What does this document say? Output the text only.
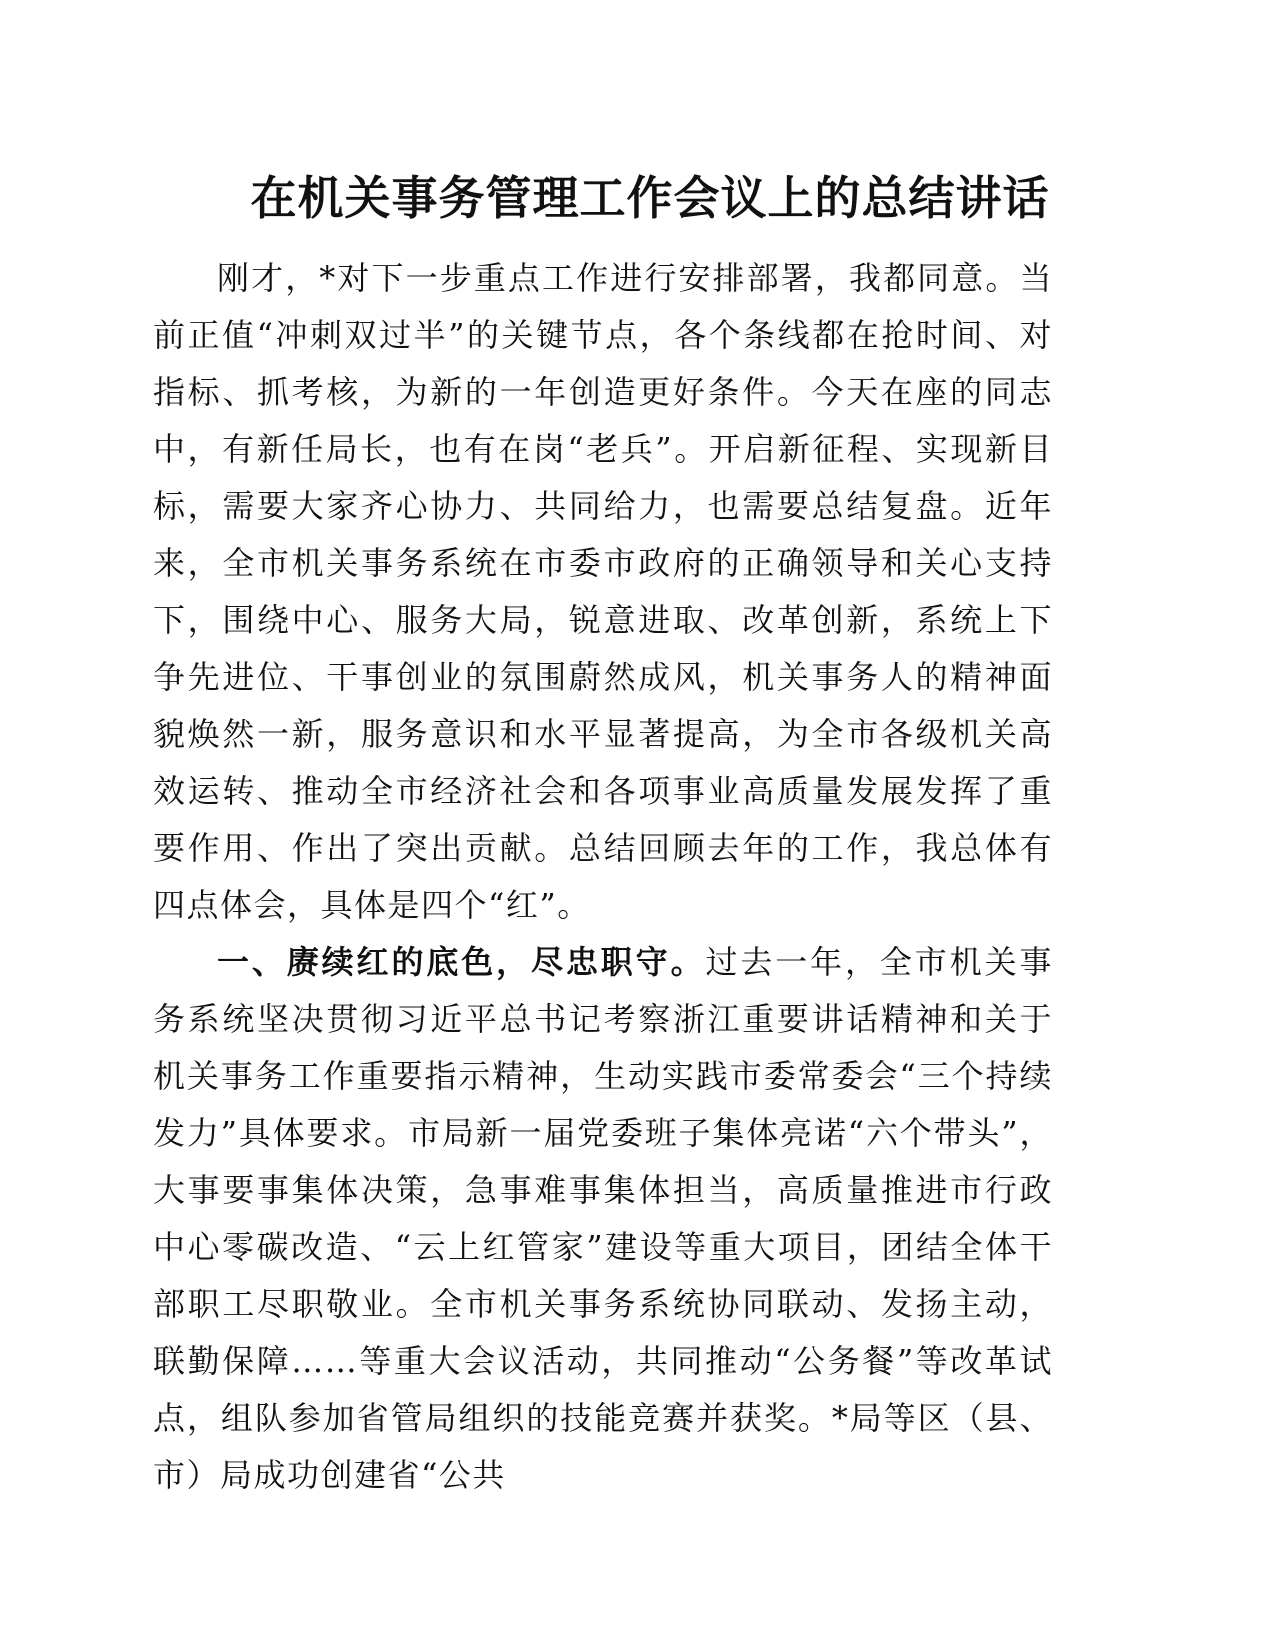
在机关事务管理工作会议上的总结讲话

刚才，*对下一步重点工作进行安排部署，我都同意。当前正值“冲刺双过半”的关键节点，各个条线都在抢时间、对指标、抓考核，为新的一年创造更好条件。今天在座的同志中，有新任局长，也有在岗“老兵”。开启新征程、实现新目标，需要大家齐心协力、共同给力，也需要总结复盘。近年来，全市机关事务系统在市委市政府的正确领导和关心支持下，围绕中心、服务大局，锐意进取、改革创新，系统上下争先进位、干事创业的氛围蔚然成风，机关事务人的精神面貌焕然一新，服务意识和水平显著提高，为全市各级机关高效运转、推动全市经济社会和各项事业高质量发展发挥了重要作用、作出了突出贡献。总结回顾去年的工作，我总体有四点体会，具体是四个“红”。

一、赓续红的底色，尽忠职守。过去一年，全市机关事务系统坚决贯彻习近平总书记考察浙江重要讲话精神和关于机关事务工作重要指示精神，生动实践市委常委会“三个持续发力”具体要求。市局新一届党委班子集体亮诺“六个带头”，大事要事集体决策，急事难事集体担当，高质量推进市行政中心零碳改造、“云上红管家”建设等重大项目，团结全体干部职工尽职敬业。全市机关事务系统协同联动、发扬主动，联勤保障……等重大会议活动，共同推动“公务餐”等改革试点，组队参加省管局组织的技能竞赛并获奖。*局等区（县、市）局成功创建省“公共
